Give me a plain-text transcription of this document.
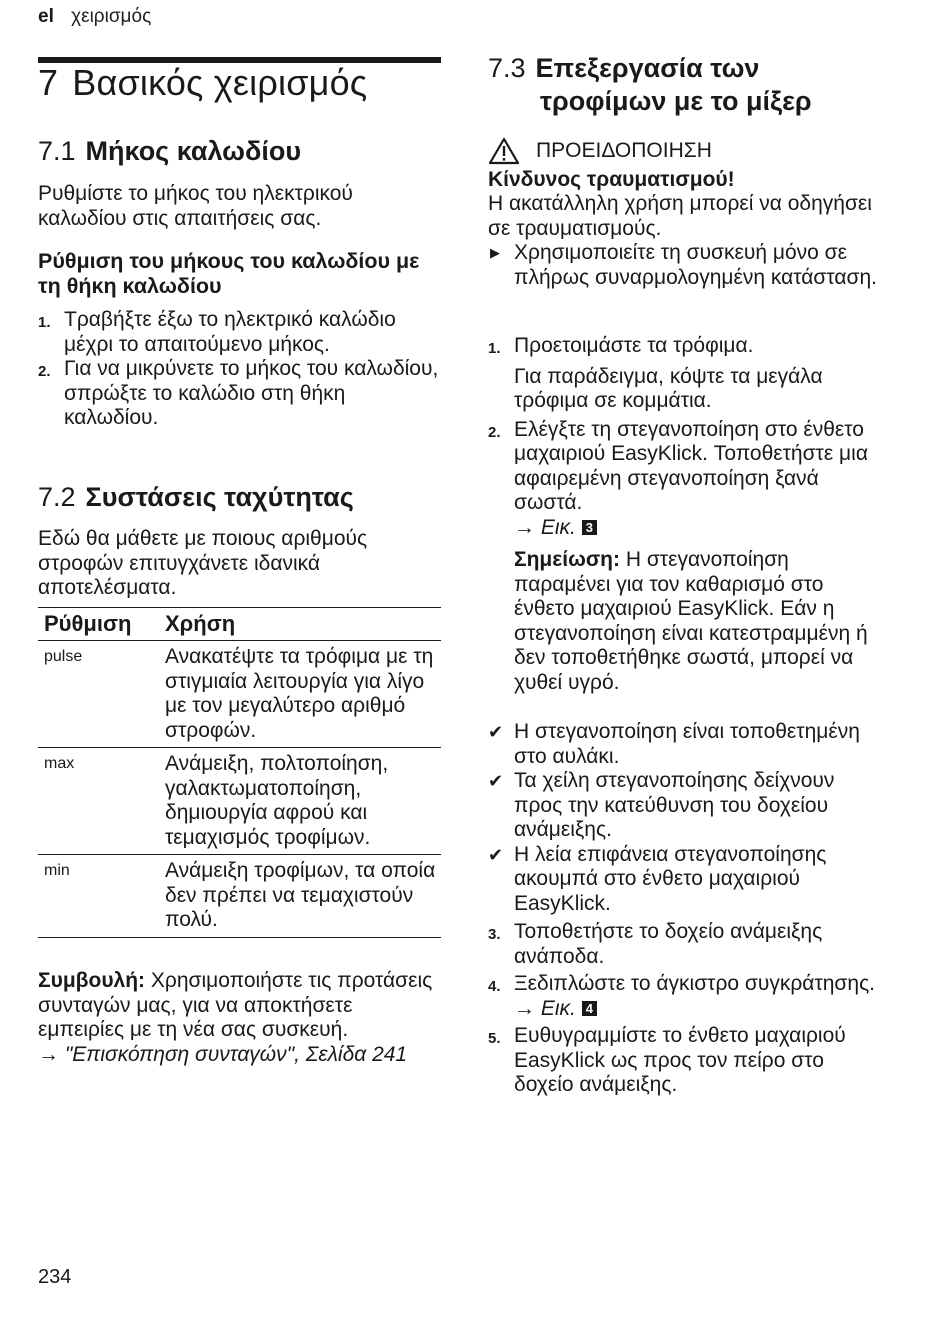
el χειρισμός
7 Βασικός χειρισμός
7.1 Μήκος καλωδίου

Ρυθμίστε το μήκος του ηλεκτρικού καλωδίου στις απαιτήσεις σας.

Ρύθμιση του μήκους του καλωδίου με τη θήκη καλωδίου

1. Τραβήξτε έξω το ηλεκτρικό καλώδιο μέχρι το απαιτούμενο μήκος.
2. Για να μικρύνετε το μήκος του καλωδίου, σπρώξτε το καλώδιο στη θήκη καλωδίου.
7.2 Συστάσεις ταχύτητας

Εδώ θα μάθετε με ποιους αριθμούς στροφών επιτυγχάνετε ιδανικά αποτελέσματα.

Ρύθμιση Χρήση
pulse	Ανακατέψτε τα τρόφιμα με τη στιγμιαία λειτουργία για λίγο με τον μεγαλύτερο αριθμό στροφών.
max	Ανάμειξη, πολτοποίηση, γαλακτωματοποίηση, δημιουργία αφρού και τεμαχισμός τροφίμων.
min	Ανάμειξη τροφίμων, τα οποία δεν πρέπει να τεμαχιστούν πολύ.

Συμβουλή: Χρησιμοποιήστε τις προτάσεις συνταγών μας, για να αποκτήσετε εμπειρίες με τη νέα σας συσκευή.
→ "Επισκόπηση συνταγών", Σελίδα 241

7.3 Επεξεργασία των
τροφίμων με το μίξερ
ΠΡΟΕΙΔΟΠΟΙΗΣΗ

Κίνδυνος τραυματισμού!

Η ακατάλληλη χρήση μπορεί να οδηγήσει σε τραυματισμούς.

▶ Χρησιμοποιείτε τη συσκευή μόνο σε πλήρως συναρμολογημένη κατάσταση.
1. Προετοιμάστε τα τρόφιμα.
Για παράδειγμα, κόψτε τα μεγάλα τρόφιμα σε κομμάτια.
2. Ελέγξτε τη στεγανοποίηση στο ένθετο μαχαιριού EasyKlick. Τοποθετήστε μια αφαιρεμένη στεγανοποίηση ξανά σωστά.
→ Εικ. 3
Σημείωση: Η στεγανοποίηση παραμένει για τον καθαρισμό στο ένθετο μαχαιριού EasyKlick. Εάν η στεγανοποίηση είναι κατεστραμμένη ή δεν τοποθετήθηκε σωστά, μπορεί να χυθεί υγρό.
✔ Η στεγανοποίηση είναι τοποθετημένη στο αυλάκι.
✔ Τα χείλη στεγανοποίησης δείχνουν προς την κατεύθυνση του δοχείου ανάμειξης.
✔ Η λεία επιφάνεια στεγανοποίησης ακουμπά στο ένθετο μαχαιριού EasyKlick.
3. Τοποθετήστε το δοχείο ανάμειξης ανάποδα.
4. Ξεδιπλώστε το άγκιστρο συγκράτησης.
→ Εικ. 4
5. Ευθυγραμμίστε το ένθετο μαχαιριού EasyKlick ως προς τον πείρο στο δοχείο ανάμειξης.
234
